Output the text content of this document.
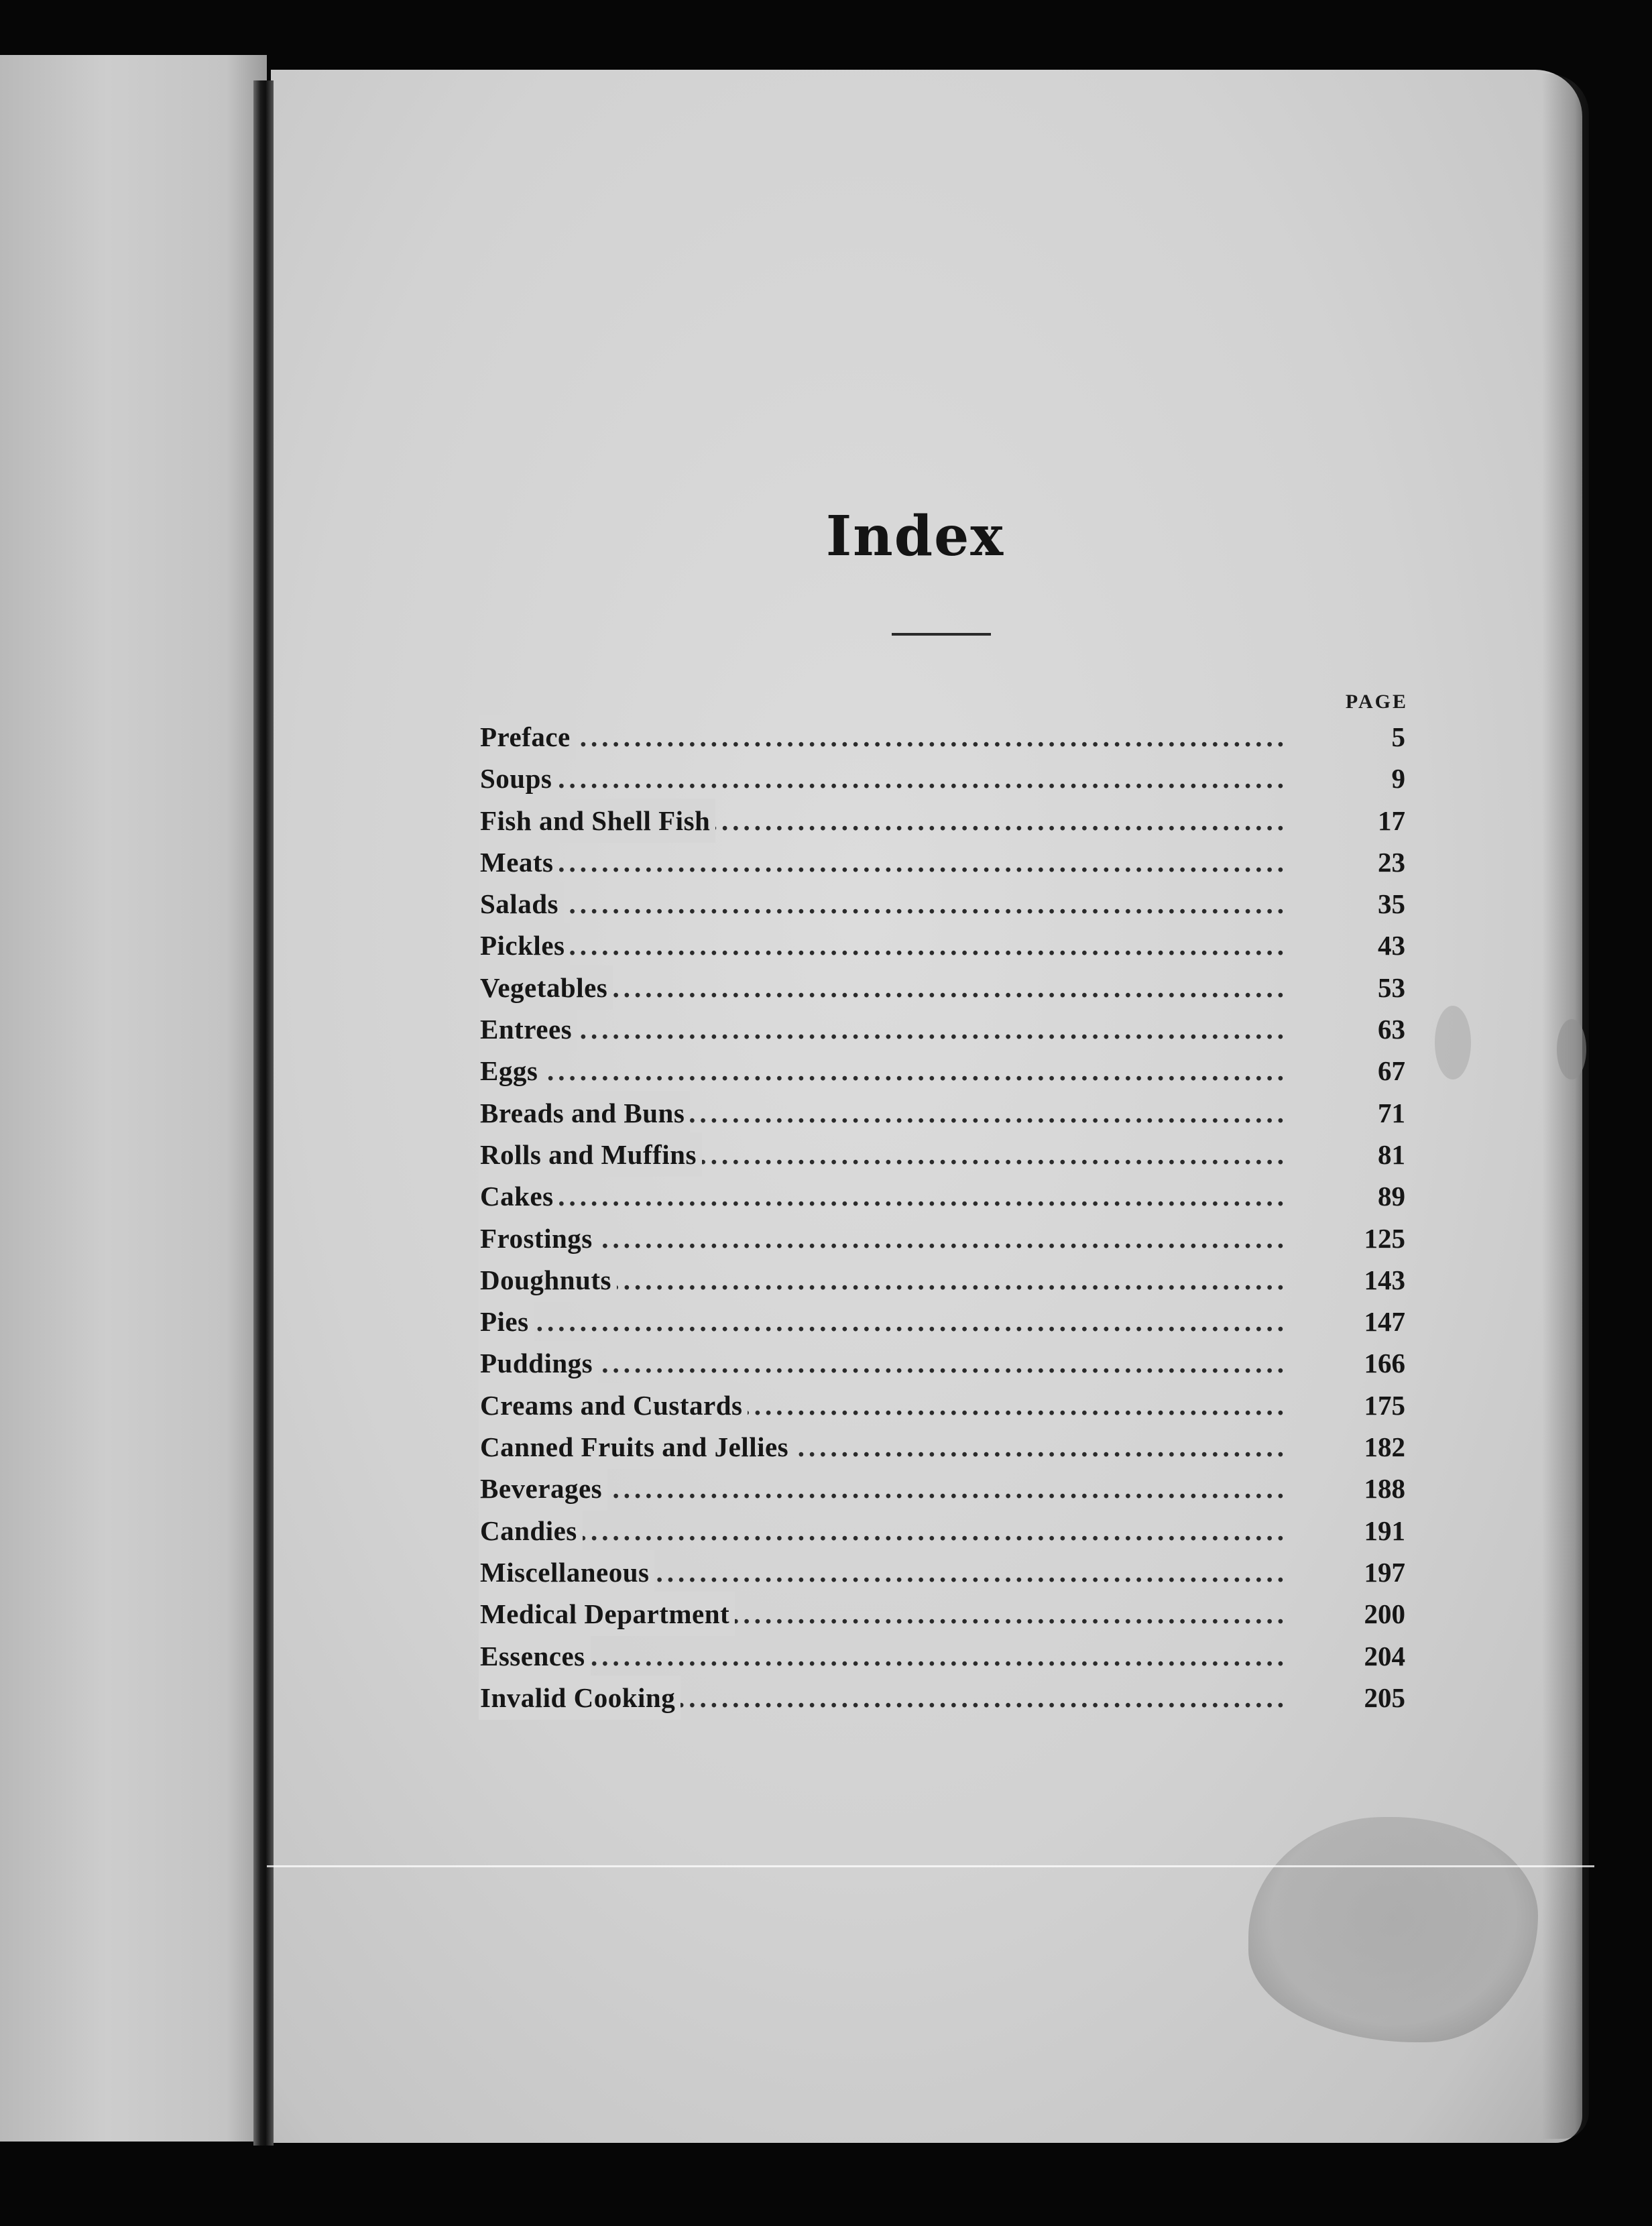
Index
PAGE
.....
Preface	5
.....
Soups	9
.....
Fish and Shell Fish	17
.....
Meats	23
.....
Salads	35
.....
Pickles	43
.....
Vegetables	53
.....
Entrees	63
.....
Eggs	67
.....
Breads and Buns	71
.....
Rolls and Muffins	81
.....
Cakes	89
.....
Frostings	125
.....
Doughnuts	143
.....
Pies	147
.....
Puddings	166
.....
Creams and Custards	175
.....
Canned Fruits and Jellies	182
.....
Beverages	188
.....
Candies	191
.....
Miscellaneous	197
.....
Medical Department	200
.....
Essences	204
.....
Invalid Cooking	205
